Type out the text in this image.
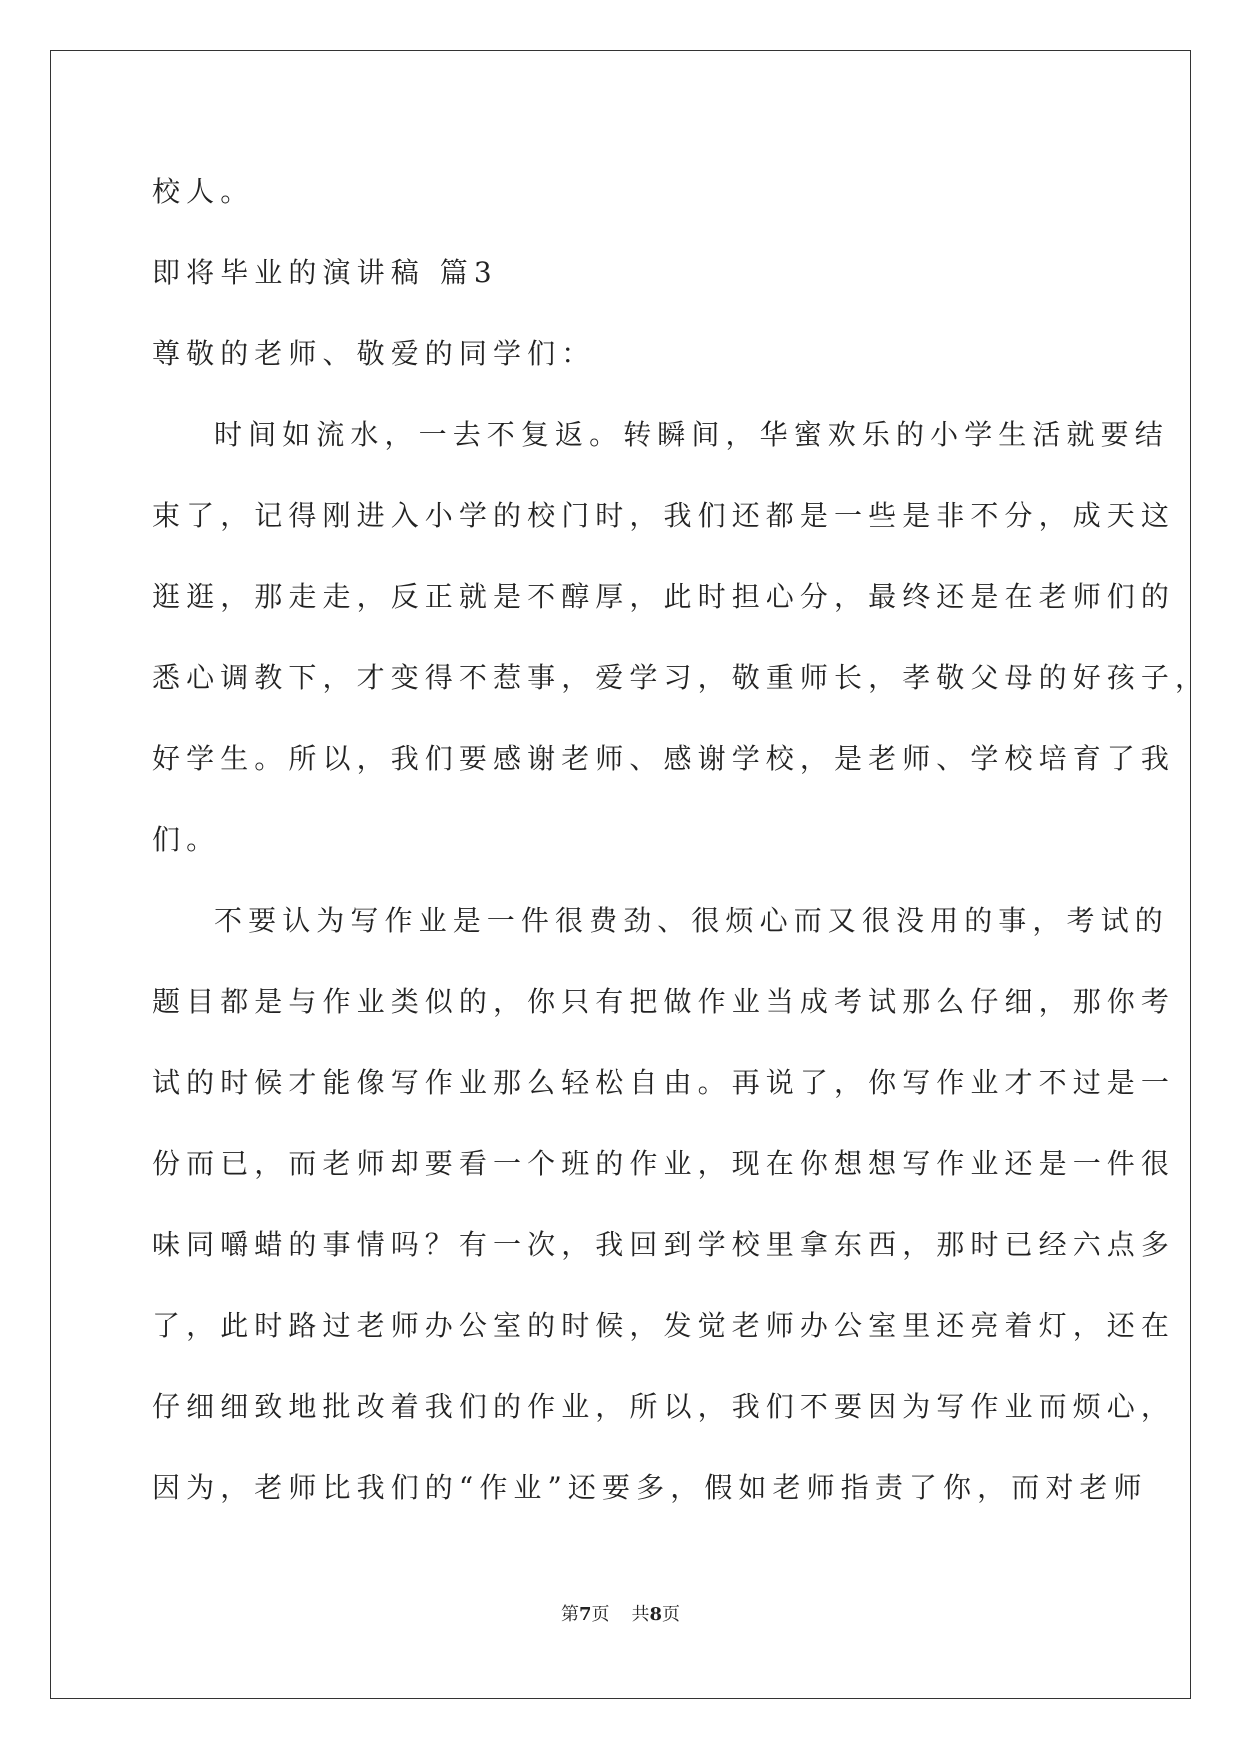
校人。
即将毕业的演讲稿 篇3
尊敬的老师、敬爱的同学们：
时间如流水，一去不复返。转瞬间，华蜜欢乐的小学生活就要结
束了，记得刚进入小学的校门时，我们还都是一些是非不分，成天这
逛逛，那走走，反正就是不醇厚，此时担心分，最终还是在老师们的
悉心调教下，才变得不惹事，爱学习，敬重师长，孝敬父母的好孩子，
好学生。所以，我们要感谢老师、感谢学校，是老师、学校培育了我
们。
不要认为写作业是一件很费劲、很烦心而又很没用的事，考试的
题目都是与作业类似的，你只有把做作业当成考试那么仔细，那你考
试的时候才能像写作业那么轻松自由。再说了，你写作业才不过是一
份而已，而老师却要看一个班的作业，现在你想想写作业还是一件很
味同嚼蜡的事情吗？有一次，我回到学校里拿东西，那时已经六点多
了，此时路过老师办公室的时候，发觉老师办公室里还亮着灯，还在
仔细细致地批改着我们的作业，所以，我们不要因为写作业而烦心，
因为，老师比我们的“作业”还要多，假如老师指责了你，而对老师
第7页 共8页
